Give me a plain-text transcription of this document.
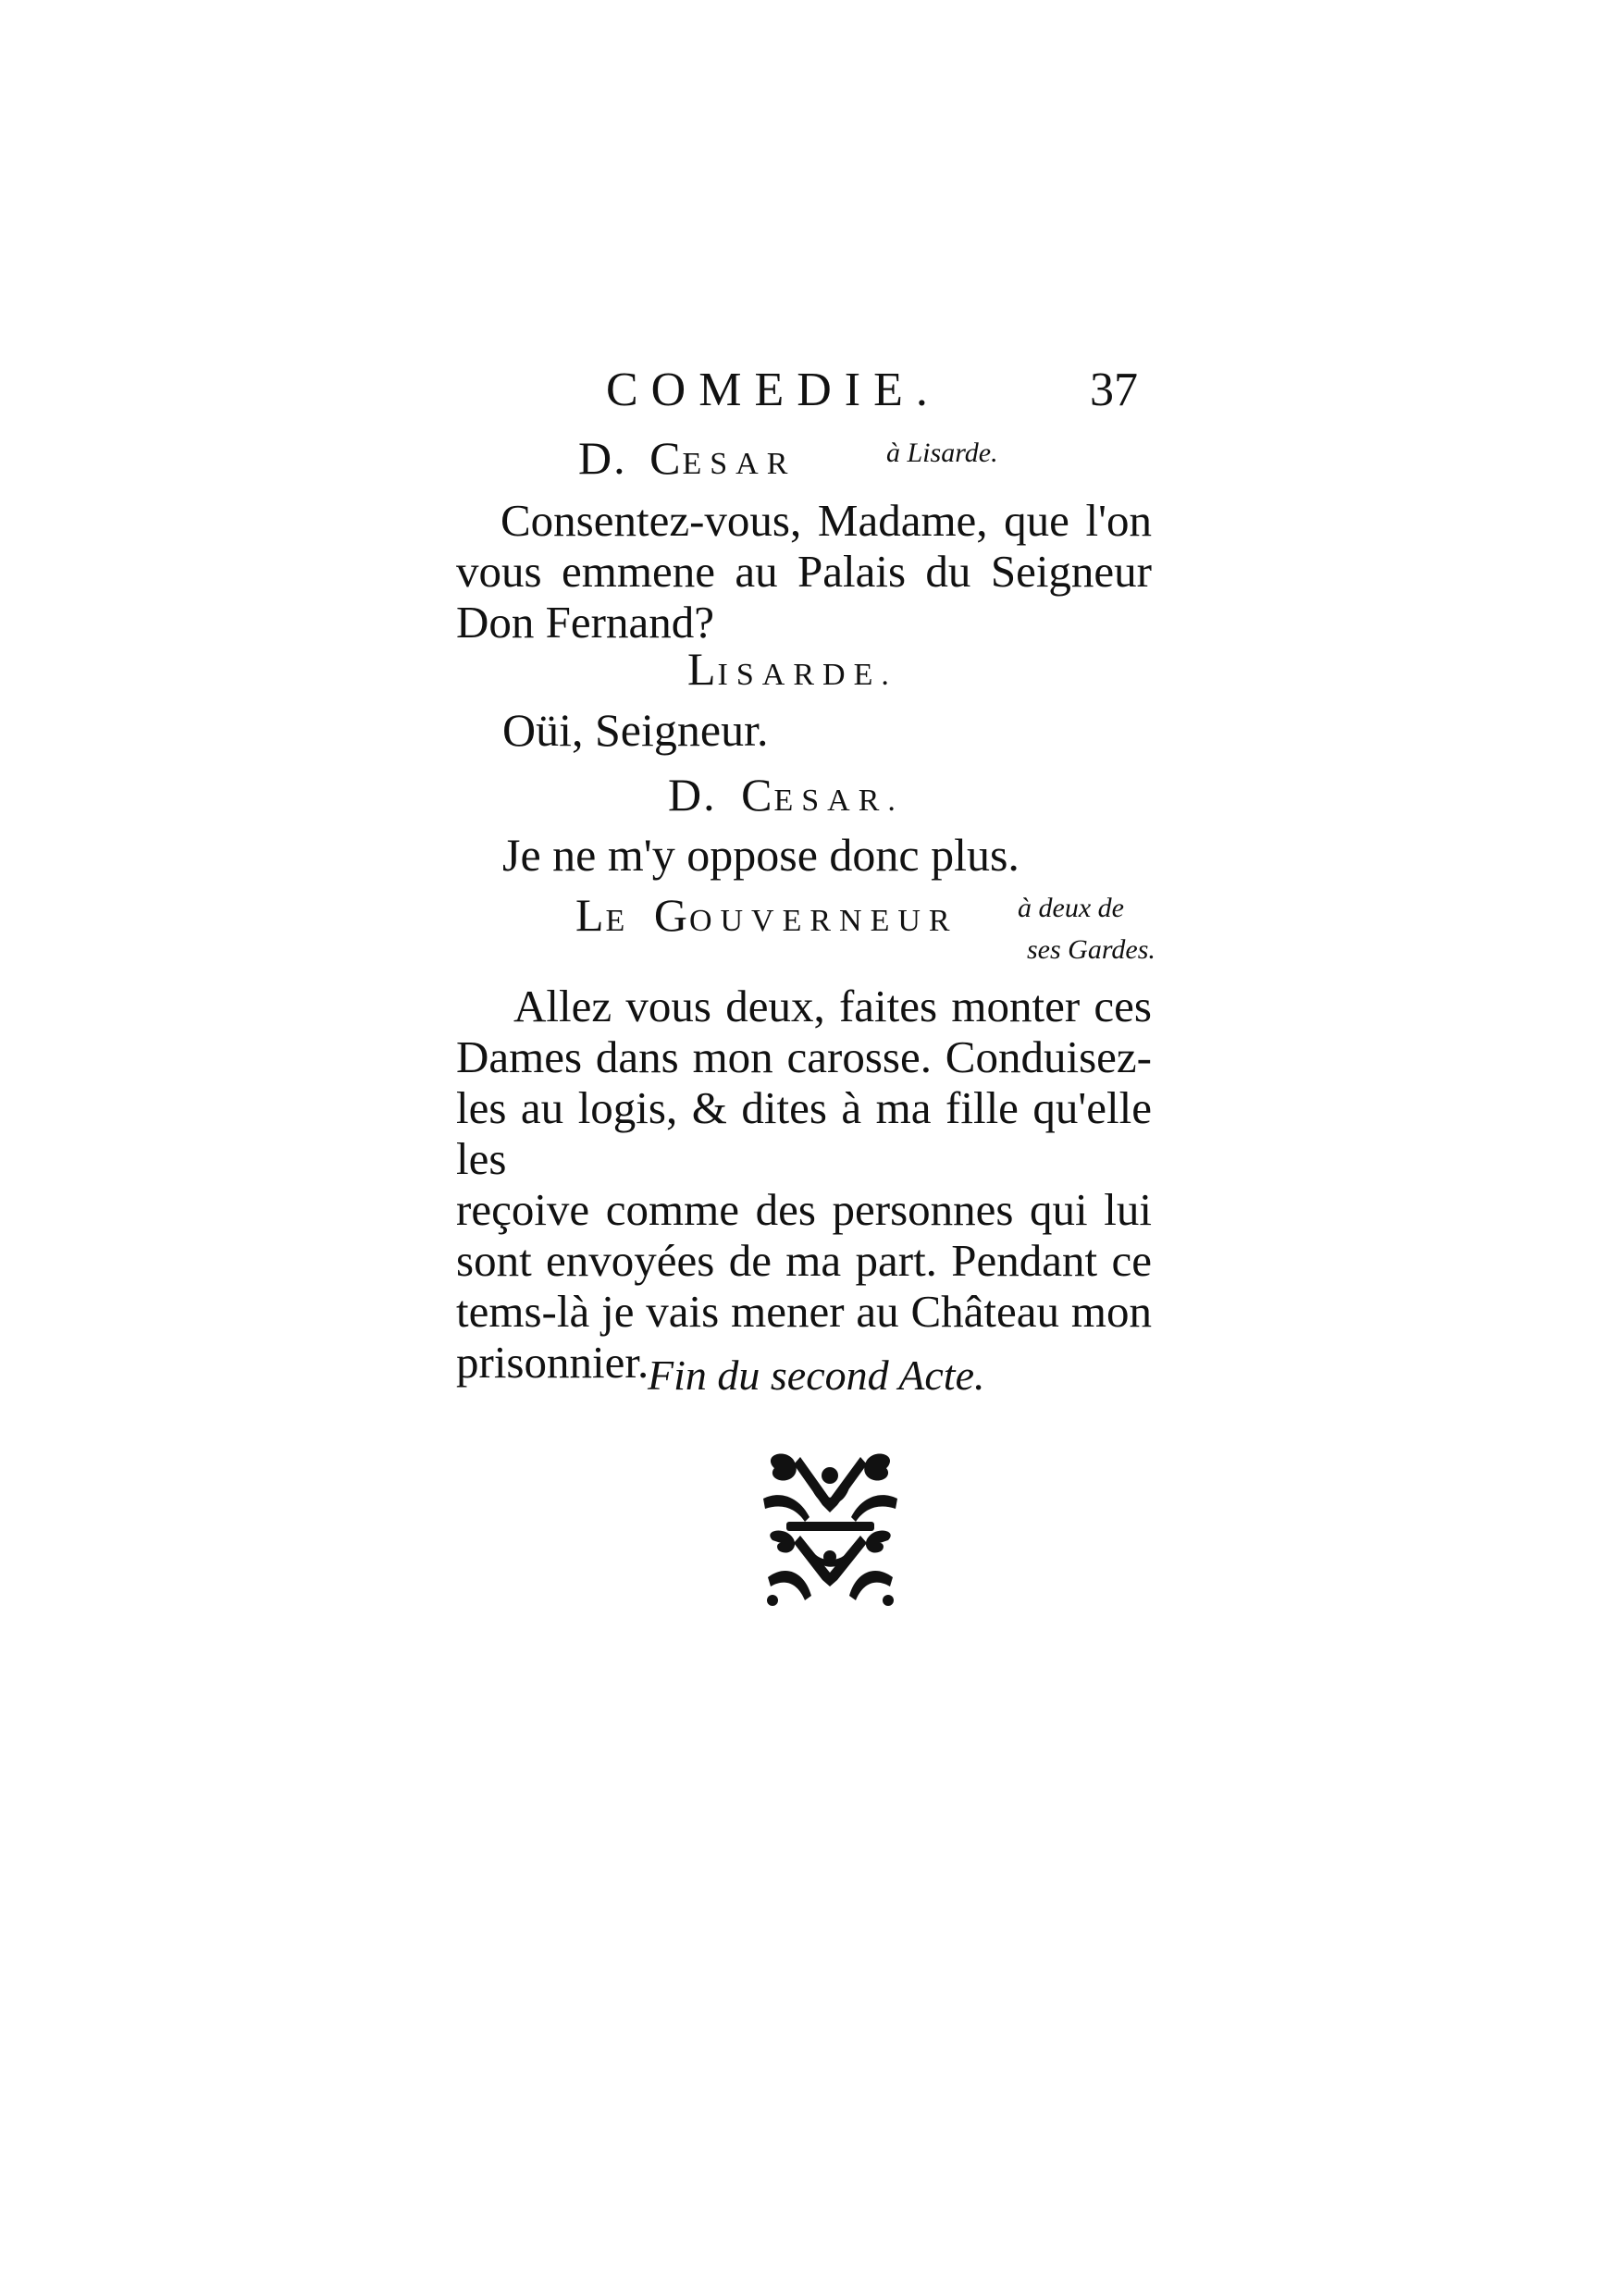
COMEDIE.	37
D. CESAR	à Lisarde.
Consentez-vous, Madame, que l'on
vous emmene au Palais du Seigneur
Don Fernand?
LISARDE.
Oüi, Seigneur.
D. CESAR.
Je ne m'y oppose donc plus.
LE GOUVERNEUR à deux de
ses Gardes.
Allez vous deux, faites monter ces
Dames dans mon carosse. Conduisez-
les au logis, & dites à ma fille qu'elle les
reçoive comme des personnes qui lui
sont envoyées de ma part. Pendant ce
tems-là je vais mener au Château mon
prisonnier.
Fin du second Acte.
